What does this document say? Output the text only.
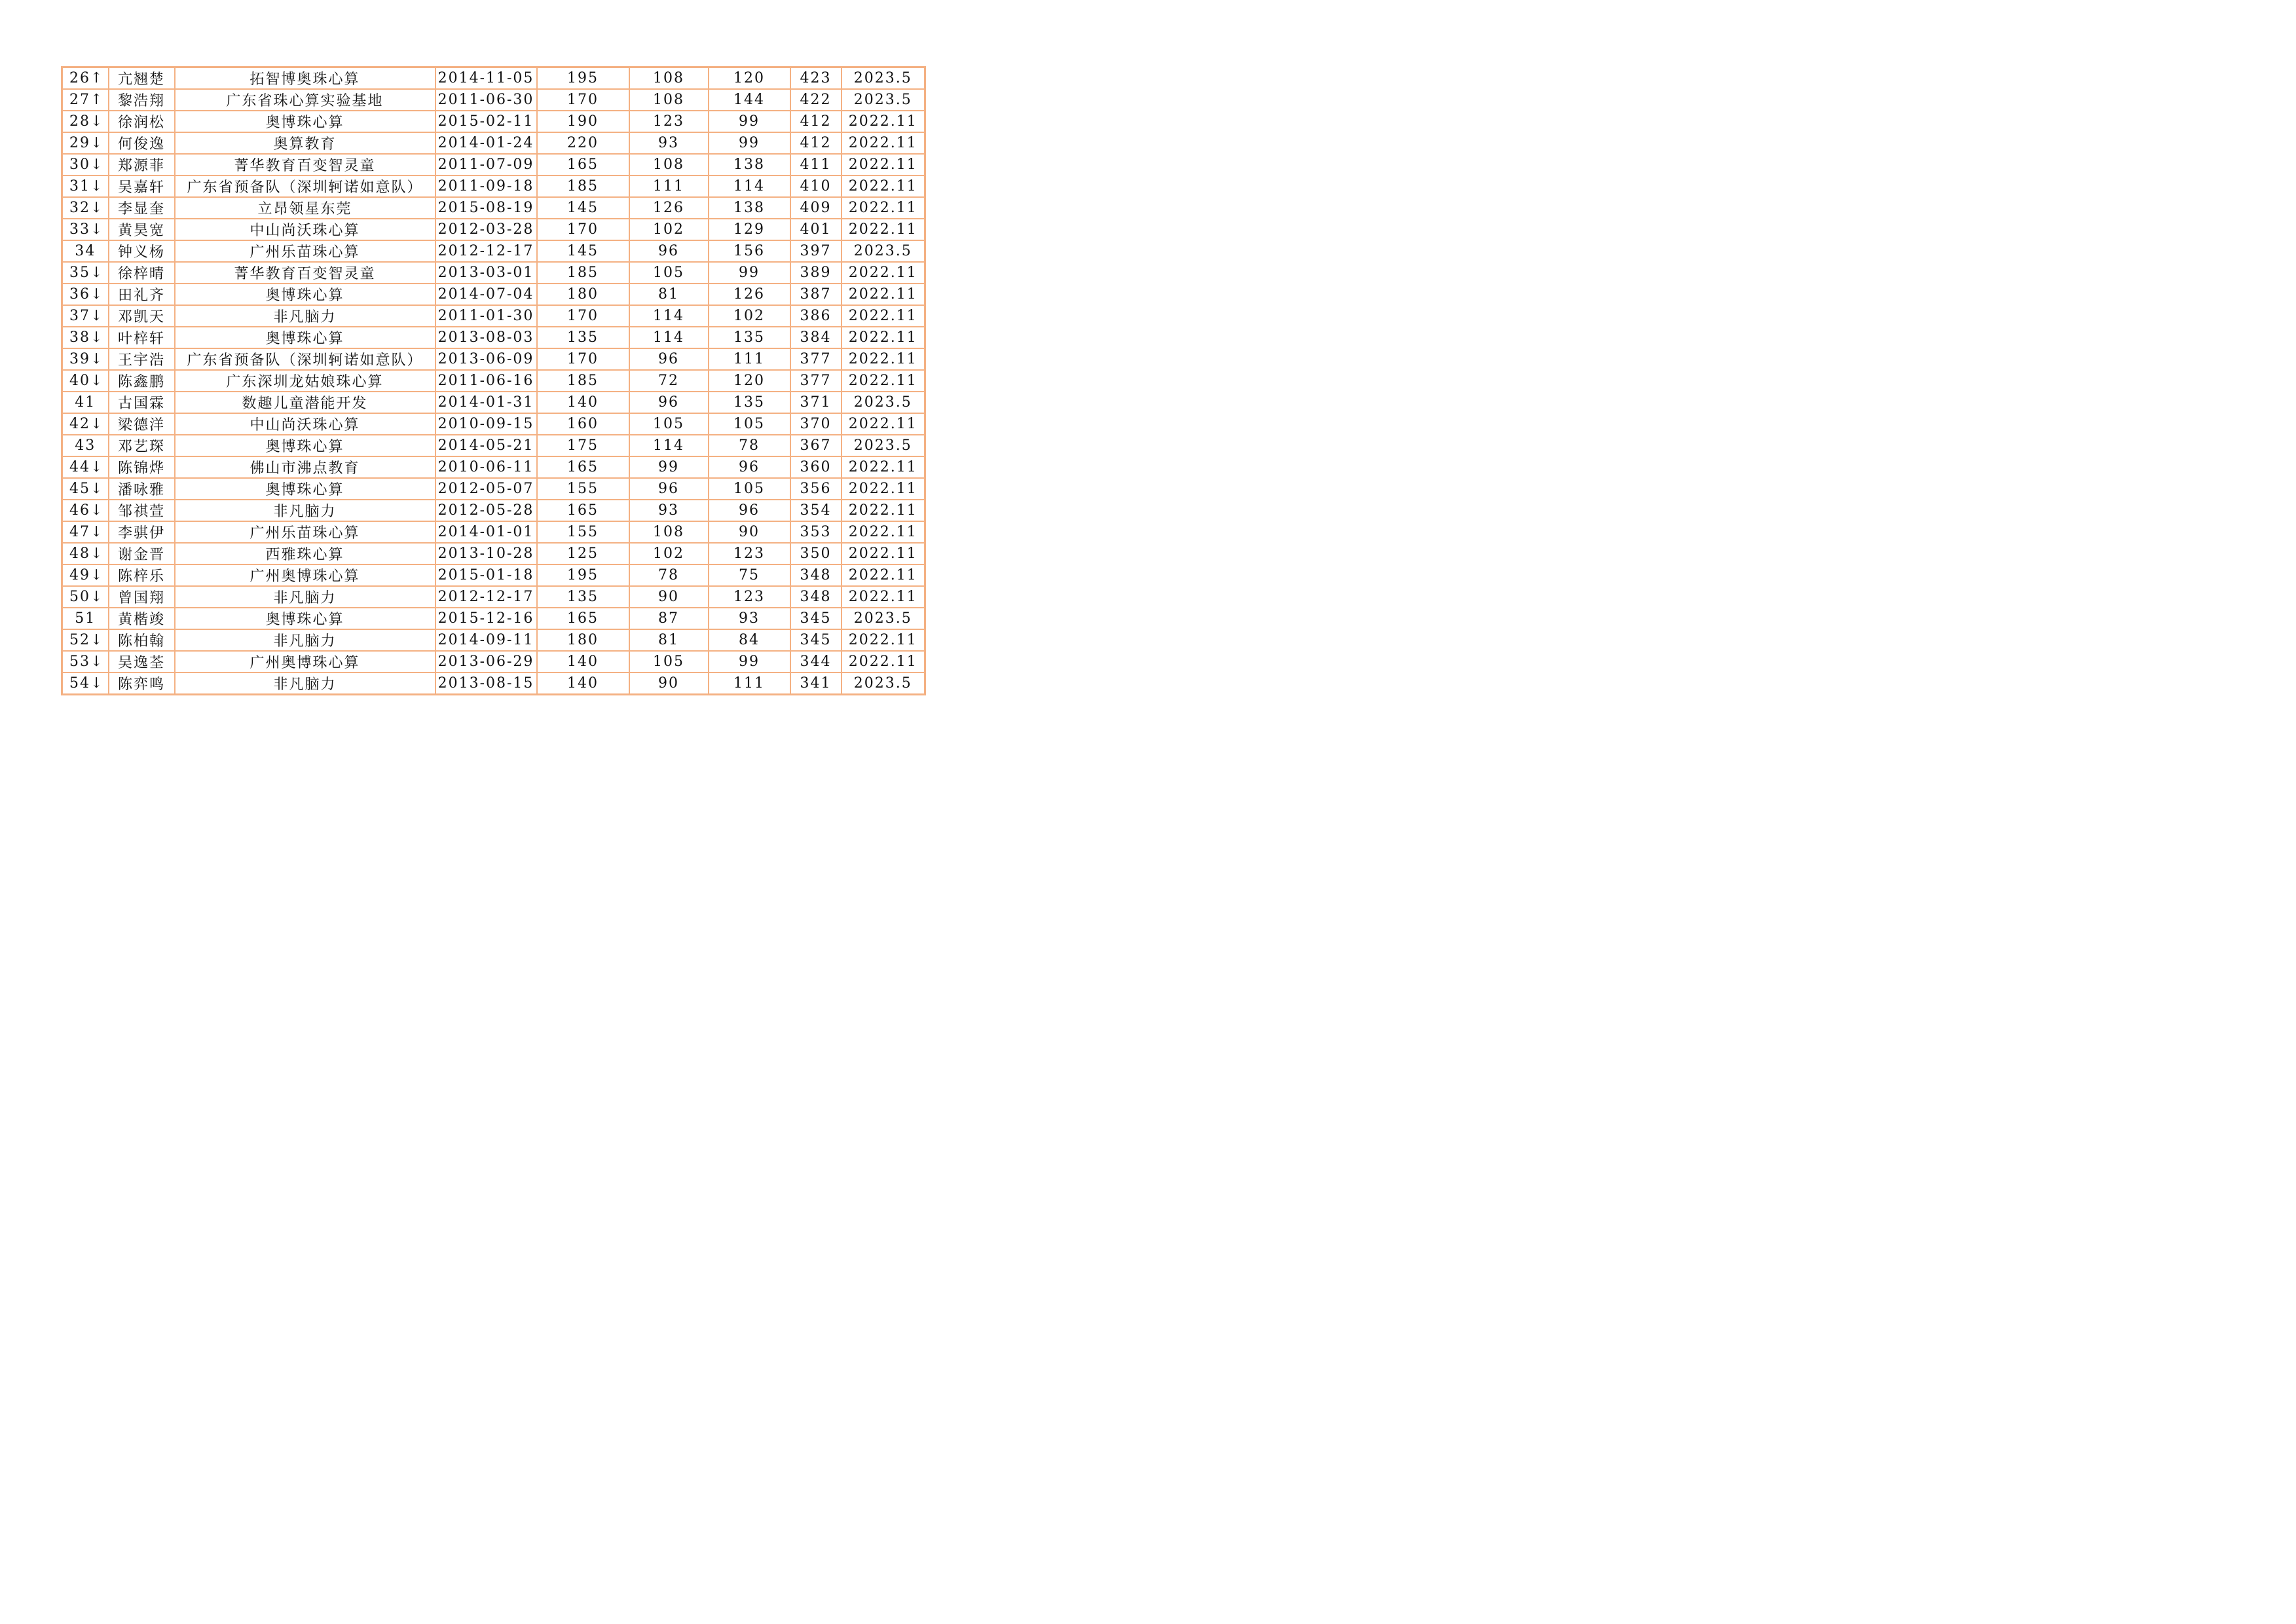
26↑	亢翘楚	拓智博奥珠心算	2014-11-05	195	108	120	423	2023.5
27↑	黎浩翔	广东省珠心算实验基地	2011-06-30	170	108	144	422	2023.5
28↓	徐润松	奥博珠心算	2015-02-11	190	123	99	412	2022.11
29↓	何俊逸	奥算教育	2014-01-24	220	93	99	412	2022.11
30↓	郑源菲	菁华教育百变智灵童	2011-07-09	165	108	138	411	2022.11
31↓	吴嘉轩	广东省预备队（深圳轲诺如意队）	2011-09-18	185	111	114	410	2022.11
32↓	李显奎	立昂领星东莞	2015-08-19	145	126	138	409	2022.11
33↓	黄昊宽	中山尚沃珠心算	2012-03-28	170	102	129	401	2022.11
34	钟义杨	广州乐苗珠心算	2012-12-17	145	96	156	397	2023.5
35↓	徐梓晴	菁华教育百变智灵童	2013-03-01	185	105	99	389	2022.11
36↓	田礼齐	奥博珠心算	2014-07-04	180	81	126	387	2022.11
37↓	邓凯天	非凡脑力	2011-01-30	170	114	102	386	2022.11
38↓	叶梓轩	奥博珠心算	2013-08-03	135	114	135	384	2022.11
39↓	王宇浩	广东省预备队（深圳轲诺如意队）	2013-06-09	170	96	111	377	2022.11
40↓	陈鑫鹏	广东深圳龙姑娘珠心算	2011-06-16	185	72	120	377	2022.11
41	古国霖	数趣儿童潜能开发	2014-01-31	140	96	135	371	2023.5
42↓	梁德洋	中山尚沃珠心算	2010-09-15	160	105	105	370	2022.11
43	邓艺琛	奥博珠心算	2014-05-21	175	114	78	367	2023.5
44↓	陈锦烨	佛山市沸点教育	2010-06-11	165	99	96	360	2022.11
45↓	潘咏雅	奥博珠心算	2012-05-07	155	96	105	356	2022.11
46↓	邹祺萱	非凡脑力	2012-05-28	165	93	96	354	2022.11
47↓	李骐伊	广州乐苗珠心算	2014-01-01	155	108	90	353	2022.11
48↓	谢金晋	西雅珠心算	2013-10-28	125	102	123	350	2022.11
49↓	陈梓乐	广州奥博珠心算	2015-01-18	195	78	75	348	2022.11
50↓	曾国翔	非凡脑力	2012-12-17	135	90	123	348	2022.11
51	黄楷竣	奥博珠心算	2015-12-16	165	87	93	345	2023.5
52↓	陈柏翰	非凡脑力	2014-09-11	180	81	84	345	2022.11
53↓	吴逸荃	广州奥博珠心算	2013-06-29	140	105	99	344	2022.11
54↓	陈弈鸣	非凡脑力	2013-08-15	140	90	111	341	2023.5
